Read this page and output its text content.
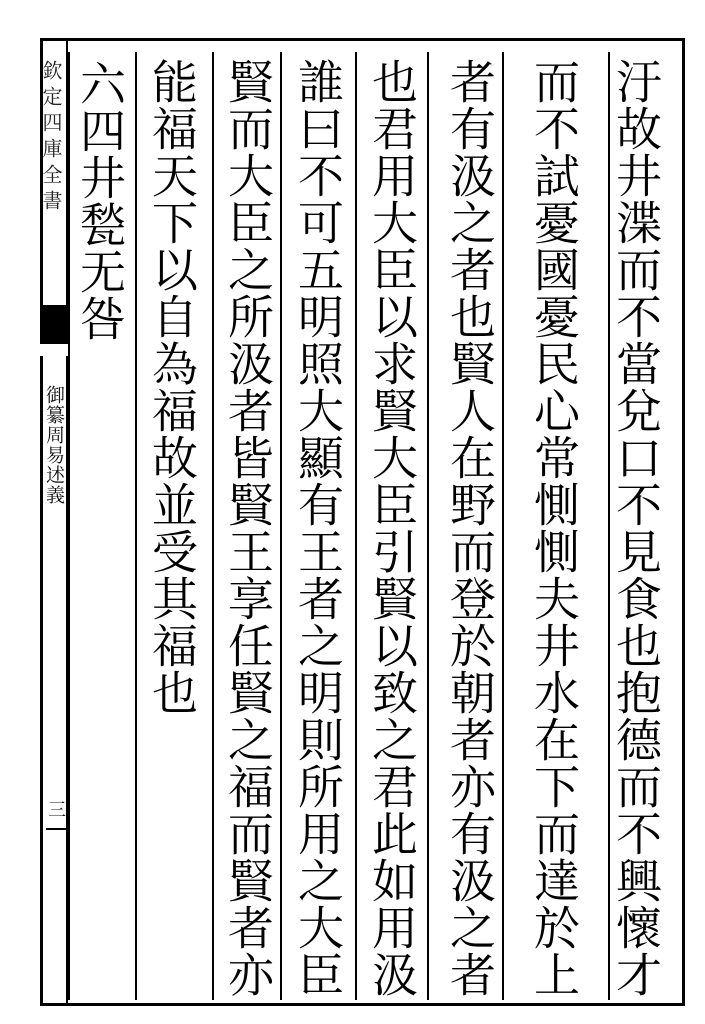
欽定四庫全書
御纂周易述義
三	汙故井渫而不當兌口不見食也抱德而不興懷才
而不試憂國憂民心常惻惻夫井水在下而達於上
者有汲之者也賢人在野而登於朝者亦有汲之者
也君用大臣以求賢大臣引賢以致之君此如用汲
誰曰不可五明照大顯有王者之明則所用之大臣
賢而大臣之所汲者皆賢王享任賢之福而賢者亦
能福天下以自為福故並受其福也
六四井甃无咎
